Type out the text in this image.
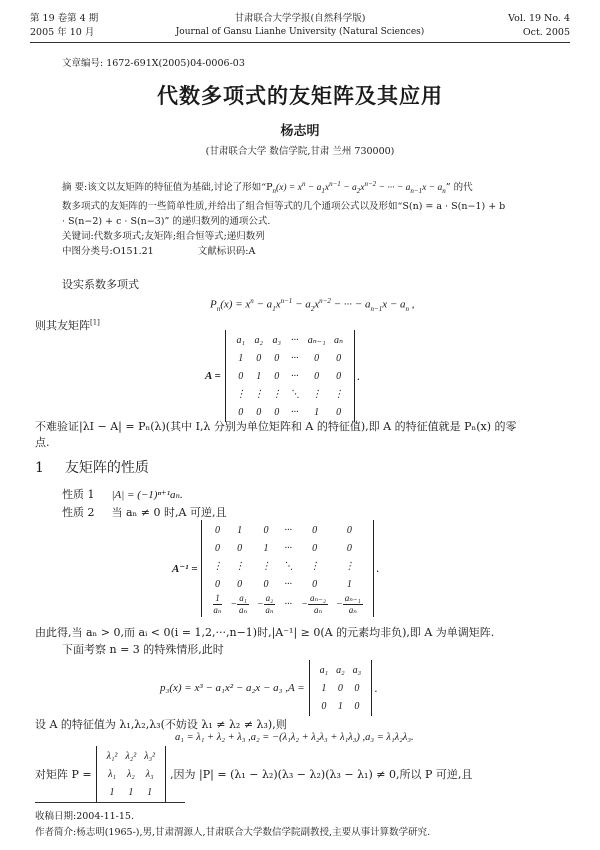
第 19 卷第 4 期
2005 年 10 月
甘肃联合大学学报(自然科学版)
Journal of Gansu Lianhe University (Natural Sciences)
Vol. 19 No. 4
Oct. 2005
文章编号: 1672-691X(2005)04-0006-03
代数多项式的友矩阵及其应用
杨志明
(甘肃联合大学 数信学院,甘肃 兰州 730000)
摘 要:该文以友矩阵的特征值为基础,讨论了形如“$P_n(x) = x^n - a_1x^{n-1} - a_2x^{n-2}$ − ··· − $a_{n-1}x - a_n$” 的代
数多项式的友矩阵的一些简单性质,并给出了组合恒等式的几个通项公式以及形如“S(n) = a · S(n−1) + b
· S(n−2) + c · S(n−3)” 的递归数列的通项公式.
关键词:代数多项式;友矩阵;组合恒等式;递归数列
中图分类号:O151.21	文献标识码:A
设实系数多项式
$P_n(x) = x^n - a_1x^{n-1} - a_2x^{n-2}$ − ··· − $a_{n-1}x - a_n$ ,
则其友矩阵[1]
A =
a₁	a₂	a₃	···	aₙ₋₁	aₙ
1	0	0	···	0	0
0	1	0	···	0	0
⋮	⋮	⋮	⋱	⋮	⋮
0	0	0	···	1	0
.
不难验证|λI − A| = Pₙ(λ)(其中 I,λ 分别为单位矩阵和 A 的特征值),即 A 的特征值就是 Pₙ(x) 的零
点.
1 友矩阵的性质
性质 1 |A| = (−1)ⁿ⁺¹aₙ.
性质 2 当 aₙ ≠ 0 时,A 可逆,且
A⁻¹ =
0	1	0	···	0	0
0	0	1	···	0	0
⋮	⋮	⋮	⋱	⋮	⋮
0	0	0	···	0	1

$\frac{1}{\text{aₙ}}$	− $\frac{\text{a₁}}{\text{aₙ}}$	− $\frac{\text{a₂}}{\text{aₙ}}$	···	− $\frac{\text{aₙ₋₂}}{\text{aₙ}}$	− $\frac{\text{aₙ₋₁}}{\text{aₙ}}$
.
由此得,当 aₙ > 0,而 aᵢ < 0(i = 1,2,···,n−1)时,|A⁻¹| ≥ 0(A 的元素均非负),即 A 为单调矩阵.
下面考察 n = 3 的特殊情形,此时
p₃(x) = x³ − a₁x² − a₂x − a₃ ,A =
a₁	a₂	a₃
1	0	0
0	1	0
.
设 A 的特征值为 λ₁,λ₂,λ₃(不妨设 λ₁ ≠ λ₂ ≠ λ₃),则
a₁ = λ₁ + λ₂ + λ₃ ,a₂ = −(λ₁λ₂ + λ₂λ₃ + λ₁λ₃) ,a₃ = λ₁λ₂λ₃.
对矩阵 P =
λ₁²	λ₂²	λ₃²
λ₁	λ₂	λ₃
1	1	1
,因为 |P| = (λ₁ − λ₂)(λ₃ − λ₂)(λ₃ − λ₁) ≠ 0,所以 P 可逆,且
收稿日期:2004-11-15.
作者简介:杨志明(1965-),男,甘肃渭源人,甘肃联合大学数信学院副教授,主要从事计算数学研究.
